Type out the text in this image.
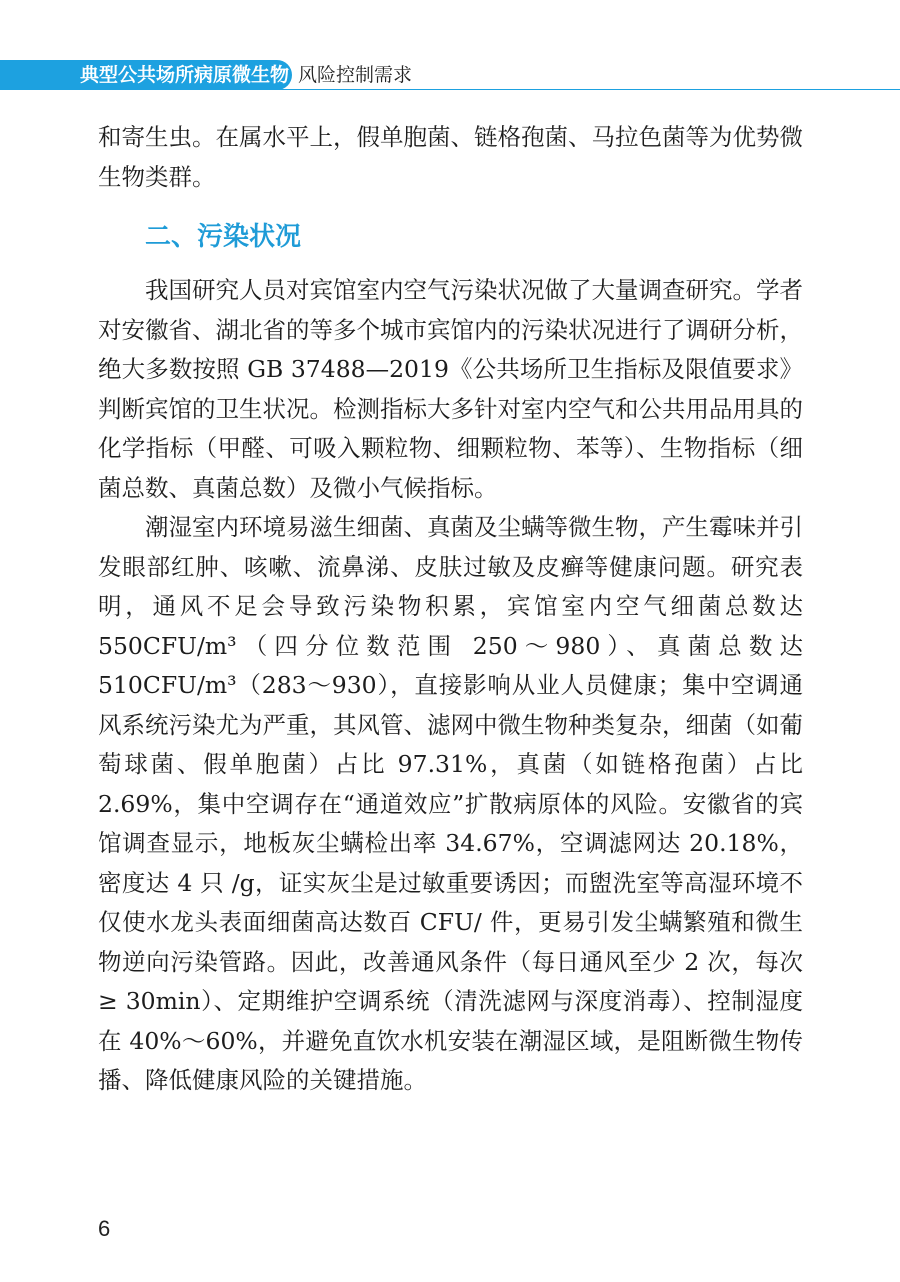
典型公共场所病原微生物 风险控制需求

和寄生虫。在属水平上，假单胞菌、链格孢菌、马拉色菌等为优势微
生物类群。

二、污染状况

我国研究人员对宾馆室内空气污染状况做了大量调查研究。学者对安徽省、湖北省的等多个城市宾馆内的污染状况进行了调研分析，绝大多数按照 GB 37488—2019《公共场所卫生指标及限值要求》判断宾馆的卫生状况。检测指标大多针对室内空气和公共用品用具的化学指标（甲醛、可吸入颗粒物、细颗粒物、苯等）、生物指标（细菌总数、真菌总数）及微小气候指标。

潮湿室内环境易滋生细菌、真菌及尘螨等微生物，产生霉味并引发眼部红肿、咳嗽、流鼻涕、皮肤过敏及皮癣等健康问题。研究表明，通风不足会导致污染物积累，宾馆室内空气细菌总数达550CFU/m³（四分位数范围 250～980）、真菌总数达 510CFU/m³（283～930），直接影响从业人员健康；集中空调通风系统污染尤为严重，其风管、滤网中微生物种类复杂，细菌（如葡萄球菌、假单胞菌）占比 97.31%，真菌（如链格孢菌）占比 2.69%，集中空调存在“通道效应”扩散病原体的风险。安徽省的宾馆调查显示，地板灰尘螨检出率 34.67%，空调滤网达 20.18%，密度达 4 只 /g，证实灰尘是过敏重要诱因；而盥洗室等高湿环境不仅使水龙头表面细菌高达数百 CFU/ 件，更易引发尘螨繁殖和微生物逆向污染管路。因此，改善通风条件（每日通风至少 2 次，每次≥ 30min）、定期维护空调系统（清洗滤网与深度消毒）、控制湿度在 40%～60%，并避免直饮水机安装在潮湿区域，是阻断微生物传播、降低健康风险的关键措施。

6
